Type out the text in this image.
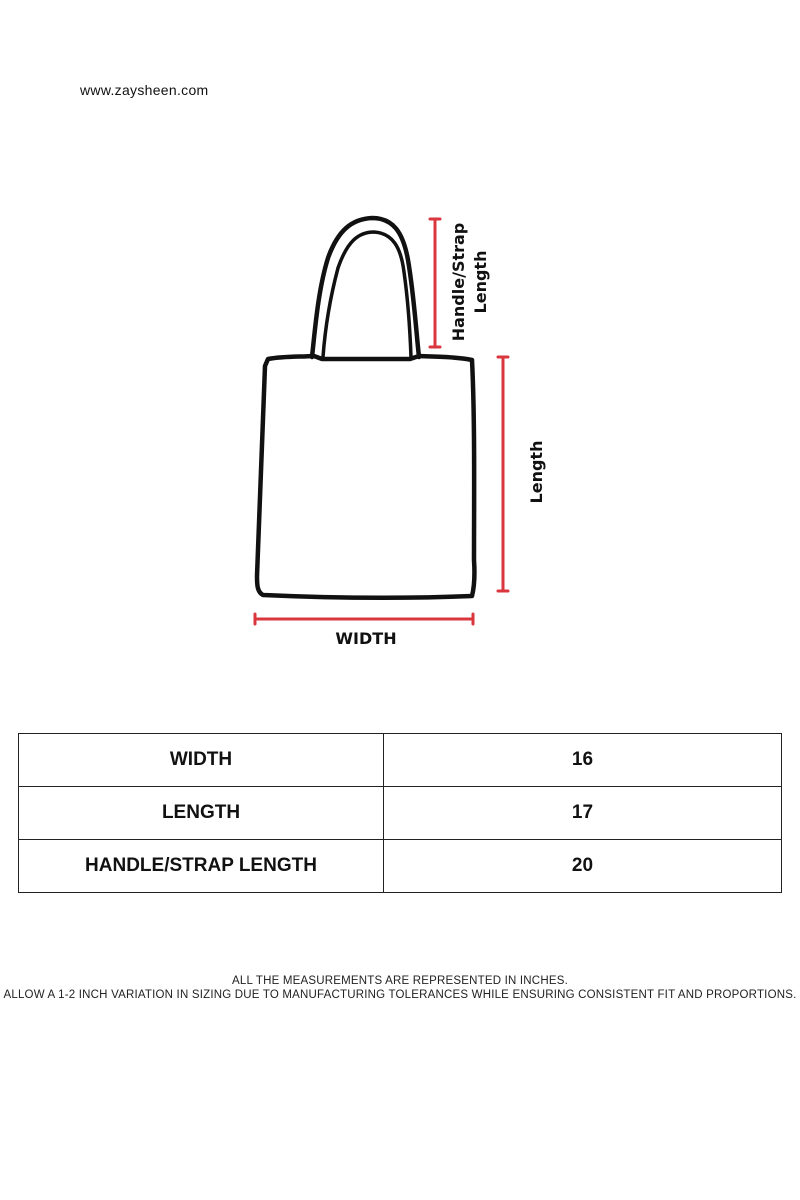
www.zaysheen.com
Handle/Strap Length
Length
WIDTH
WIDTH	16
LENGTH	17
HANDLE/STRAP LENGTH	20
ALL THE MEASUREMENTS ARE REPRESENTED IN INCHES.
ALLOW A 1-2 INCH VARIATION IN SIZING DUE TO MANUFACTURING TOLERANCES WHILE ENSURING CONSISTENT FIT AND PROPORTIONS.
